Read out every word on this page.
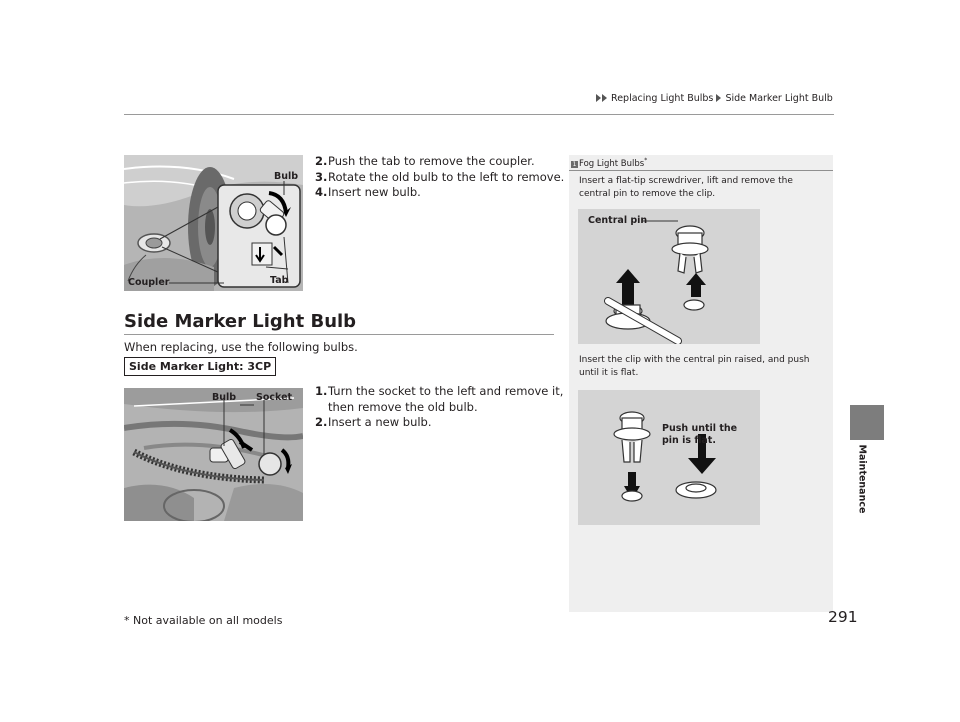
Replacing Light Bulbs Side Marker Light Bulb
Maintenance
Bulb
Coupler	Tab
2. Push the tab to remove the coupler.
3. Rotate the old bulb to the left to remove.
4. Insert new bulb.
Side Marker Light Bulb
When replacing, use the following bulbs.
Side Marker Light: 3CP
Bulb Socket 1. Turn the socket to the left and remove it,
then remove the old bulb.
2. Insert a new bulb.
1 Fog Light Bulbs*
Insert a flat-tip screwdriver, lift and remove the
central pin to remove the clip.
Central pin
Insert the clip with the central pin raised, and push
until it is flat.
Push until the
pin is flat.
* Not available on all models	291
